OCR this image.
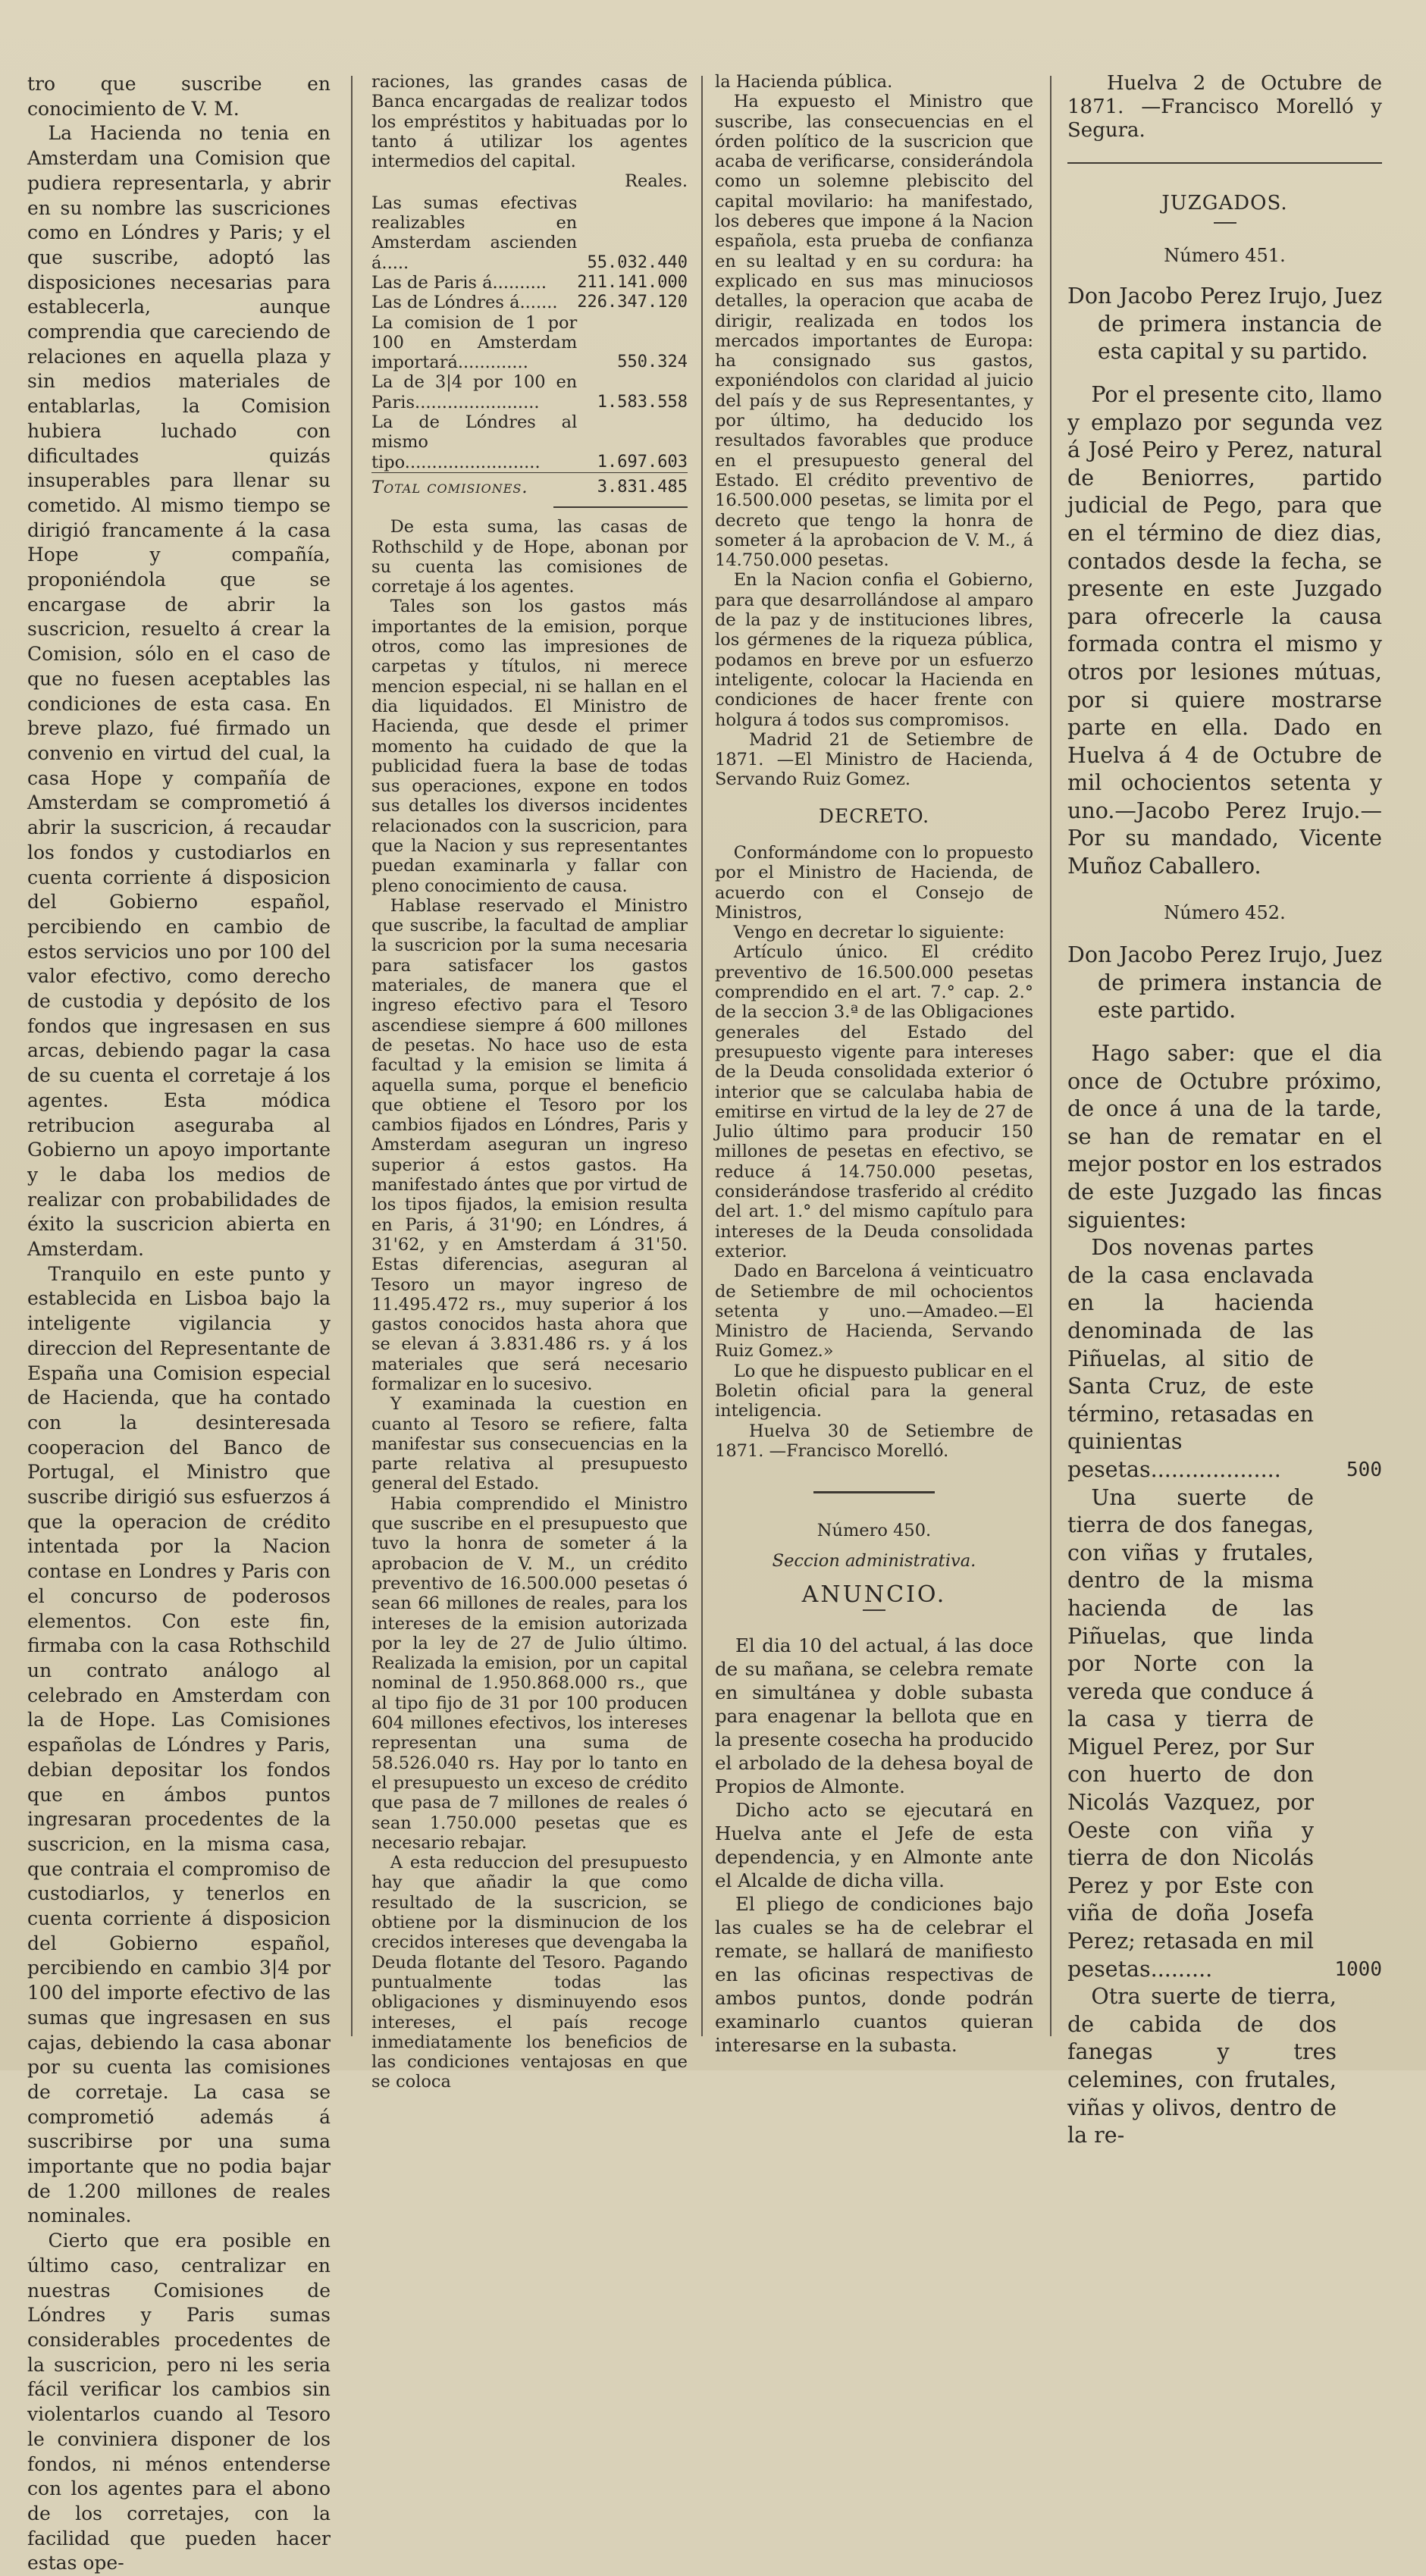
tro que suscribe en conocimiento de V. M.

La Hacienda no tenia en Amsterdam una Comision que pudiera representarla, y abrir en su nombre las suscriciones como en Lóndres y Paris; y el que suscribe, adoptó las disposiciones necesarias para establecerla, aunque comprendia que careciendo de relaciones en aquella plaza y sin medios materiales de entablarlas, la Comision hubiera luchado con dificultades quizás insuperables para llenar su cometido. Al mismo tiempo se dirigió francamente á la casa Hope y compañía, proponiéndola que se encargase de abrir la suscricion, resuelto á crear la Comision, sólo en el caso de que no fuesen aceptables las condiciones de esta casa. En breve plazo, fué firmado un convenio en virtud del cual, la casa Hope y compañía de Amsterdam se comprometió á abrir la suscricion, á recaudar los fondos y custodiarlos en cuenta corriente á disposicion del Gobierno español, percibiendo en cambio de estos servicios uno por 100 del valor efectivo, como derecho de custodia y depósito de los fondos que ingresasen en sus arcas, debiendo pagar la casa de su cuenta el corretaje á los agentes. Esta módica retribucion aseguraba al Gobierno un apoyo importante y le daba los medios de realizar con probabilidades de éxito la suscricion abierta en Amsterdam.

Tranquilo en este punto y establecida en Lisboa bajo la inteligente vigilancia y direccion del Representante de España una Comision especial de Hacienda, que ha contado con la desinteresada cooperacion del Banco de Portugal, el Ministro que suscribe dirigió sus esfuerzos á que la operacion de crédito intentada por la Nacion contase en Londres y Paris con el concurso de poderosos elementos. Con este fin, firmaba con la casa Rothschild un contrato análogo al celebrado en Amsterdam con la de Hope. Las Comisiones españolas de Lóndres y Paris, debian depositar los fondos que en ámbos puntos ingresaran procedentes de la suscricion, en la misma casa, que contraia el compromiso de custodiarlos, y tenerlos en cuenta corriente á disposicion del Gobierno español, percibiendo en cambio 3|4 por 100 del importe efectivo de las sumas que ingresasen en sus cajas, debiendo la casa abonar por su cuenta las comisiones de corretaje. La casa se comprometió además á suscribirse por una suma importante que no podia bajar de 1.200 millones de reales nominales.

Cierto que era posible en último caso, centralizar en nuestras Comisiones de Lóndres y Paris sumas considerables procedentes de la suscricion, pero ni les seria fácil verificar los cambios sin violentarlos cuando al Tesoro le conviniera disponer de los fondos, ni ménos entenderse con los agentes para el abono de los corretajes, con la facilidad que pueden hacer estas ope-

raciones, las grandes casas de Banca encargadas de realizar todos los empréstitos y habituadas por lo tanto á utilizar los agentes intermedios del capital.

	Reales.
Las sumas efectivas realizables en Amsterdam ascienden á.....	55.032.440
Las de Paris á..........	211.141.000
Las de Lóndres á.......	226.347.120
La comision de 1 por 100 en Amsterdam importará.............	550.324
La de 3|4 por 100 en Paris.......................	1.583.558
La de Lóndres al mismo tipo.........................	1.697.603
Total comisiones.	3.831.485

De esta suma, las casas de Rothschild y de Hope, abonan por su cuenta las comisiones de corretaje á los agentes.

Tales son los gastos más importantes de la emision, porque otros, como las impresiones de carpetas y títulos, ni merece mencion especial, ni se hallan en el dia liquidados. El Ministro de Hacienda, que desde el primer momento ha cuidado de que la publicidad fuera la base de todas sus operaciones, expone en todos sus detalles los diversos incidentes relacionados con la suscricion, para que la Nacion y sus representantes puedan examinarla y fallar con pleno conocimiento de causa.

Hablase reservado el Ministro que suscribe, la facultad de ampliar la suscricion por la suma necesaria para satisfacer los gastos materiales, de manera que el ingreso efectivo para el Tesoro ascendiese siempre á 600 millones de pesetas. No hace uso de esta facultad y la emision se limita á aquella suma, porque el beneficio que obtiene el Tesoro por los cambios fijados en Lóndres, Paris y Amsterdam aseguran un ingreso superior á estos gastos. Ha manifestado ántes que por virtud de los tipos fijados, la emision resulta en Paris, á 31'90; en Lóndres, á 31'62, y en Amsterdam á 31'50. Estas diferencias, aseguran al Tesoro un mayor ingreso de 11.495.472 rs., muy superior á los gastos conocidos hasta ahora que se elevan á 3.831.486 rs. y á los materiales que será necesario formalizar en lo sucesivo.

Y examinada la cuestion en cuanto al Tesoro se refiere, falta manifestar sus consecuencias en la parte relativa al presupuesto general del Estado.

Habia comprendido el Ministro que suscribe en el presupuesto que tuvo la honra de someter á la aprobacion de V. M., un crédito preventivo de 16.500.000 pesetas ó sean 66 millones de reales, para los intereses de la emision autorizada por la ley de 27 de Julio último. Realizada la emision, por un capital nominal de 1.950.868.000 rs., que al tipo fijo de 31 por 100 producen 604 millones efectivos, los intereses representan una suma de 58.526.040 rs. Hay por lo tanto en el presupuesto un exceso de crédito que pasa de 7 millones de reales ó sean 1.750.000 pesetas que es necesario rebajar.

A esta reduccion del presupuesto hay que añadir la que como resultado de la suscricion, se obtiene por la disminucion de los crecidos intereses que devengaba la Deuda flotante del Tesoro. Pagando puntualmente todas las obligaciones y disminuyendo esos intereses, el país recoge inmediatamente los beneficios de las condiciones ventajosas en que se coloca

la Hacienda pública.

Ha expuesto el Ministro que suscribe, las consecuencias en el órden político de la suscricion que acaba de verificarse, considerándola como un solemne plebiscito del capital movilario: ha manifestado, los deberes que impone á la Nacion española, esta prueba de confianza en su lealtad y en su cordura: ha explicado en sus mas minuciosos detalles, la operacion que acaba de dirigir, realizada en todos los mercados importantes de Europa: ha consignado sus gastos, exponiéndolos con claridad al juicio del país y de sus Representantes, y por último, ha deducido los resultados favorables que produce en el presupuesto general del Estado. El crédito preventivo de 16.500.000 pesetas, se limita por el decreto que tengo la honra de someter á la aprobacion de V. M., á 14.750.000 pesetas.

En la Nacion confia el Gobierno, para que desarrollándose al amparo de la paz y de instituciones libres, los gérmenes de la riqueza pública, podamos en breve por un esfuerzo inteligente, colocar la Hacienda en condiciones de hacer frente con holgura á todos sus compromisos.

Madrid 21 de Setiembre de 1871. —El Ministro de Hacienda, Servando Ruiz Gomez.

DECRETO.

Conformándome con lo propuesto por el Ministro de Hacienda, de acuerdo con el Consejo de Ministros,

Vengo en decretar lo siguiente:

Artículo único. El crédito preventivo de 16.500.000 pesetas comprendido en el art. 7.° cap. 2.° de la seccion 3.ª de las Obligaciones generales del Estado del presupuesto vigente para intereses de la Deuda consolidada exterior ó interior que se calculaba habia de emitirse en virtud de la ley de 27 de Julio último para producir 150 millones de pesetas en efectivo, se reduce á 14.750.000 pesetas, considerándose trasferido al crédito del art. 1.° del mismo capítulo para intereses de la Deuda consolidada exterior.

Dado en Barcelona á veinticuatro de Setiembre de mil ochocientos setenta y uno.—Amadeo.—El Ministro de Hacienda, Servando Ruiz Gomez.»

Lo que he dispuesto publicar en el Boletin oficial para la general inteligencia.

Huelva 30 de Setiembre de 1871. —Francisco Morelló.

Número 450.

Seccion administrativa.

ANUNCIO.

El dia 10 del actual, á las doce de su mañana, se celebra remate en simultánea y doble subasta para enagenar la bellota que en la presente cosecha ha producido el arbolado de la dehesa boyal de Propios de Almonte.

Dicho acto se ejecutará en Huelva ante el Jefe de esta dependencia, y en Almonte ante el Alcalde de dicha villa.

El pliego de condiciones bajo las cuales se ha de celebrar el remate, se hallará de manifiesto en las oficinas respectivas de ambos puntos, donde podrán examinarlo cuantos quieran interesarse en la subasta.

Huelva 2 de Octubre de 1871. —Francisco Morelló y Segura.

JUZGADOS.

Número 451.

Don Jacobo Perez Irujo, Juez de primera instancia de esta capital y su partido.

Por el presente cito, llamo y emplazo por segunda vez á José Peiro y Perez, natural de Beniorres, partido judicial de Pego, para que en el término de diez dias, contados desde la fecha, se presente en este Juzgado para ofrecerle la causa formada contra el mismo y otros por lesiones mútuas, por si quiere mostrarse parte en ella. Dado en Huelva á 4 de Octubre de mil ochocientos setenta y uno.—Jacobo Perez Irujo.—Por su mandado, Vicente Muñoz Caballero.

Número 452.

Don Jacobo Perez Irujo, Juez de primera instancia de este partido.

Hago saber: que el dia once de Octubre próximo, de once á una de la tarde, se han de rematar en el mejor postor en los estrados de este Juzgado las fincas siguientes:

Dos novenas partes de la casa enclavada en la hacienda denominada de las Piñuelas, al sitio de Santa Cruz, de este término, retasadas en quinientas pesetas...................	500

Una suerte de tierra de dos fanegas, con viñas y frutales, dentro de la misma hacienda de las Piñuelas, que linda por Norte con la vereda que conduce á la casa y tierra de Miguel Perez, por Sur con huerto de don Nicolás Vazquez, por Oeste con viña y tierra de don Nicolás Perez y por Este con viña de doña Josefa Perez; retasada en mil pesetas.........	1000

Otra suerte de tierra, de cabida de dos fanegas y tres celemines, con frutales, viñas y olivos, dentro de la re-
